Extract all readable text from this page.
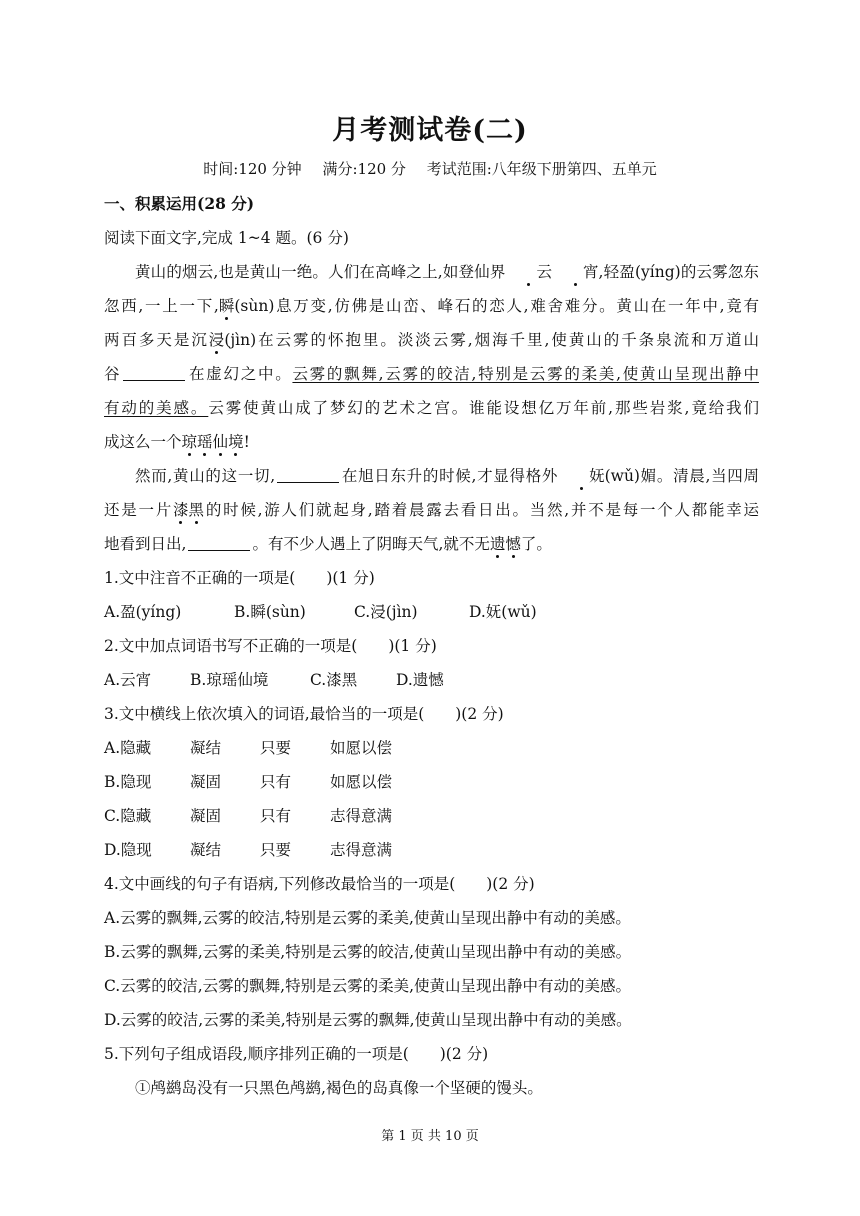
月考测试卷(二)
时间:120 分钟 满分:120 分 考试范围:八年级下册第四、五单元
一、积累运用(28 分)
阅读下面文字,完成 1~4 题。(6 分)
黄山的烟云,也是黄山一绝。人们在高峰之上,如登仙界 云 宵,轻盈(yíng)的云雾忽东
忽西,一上一下,瞬(sùn)息万变,仿佛是山峦、峰石的恋人,难舍难分。黄山在一年中,竟有
两百多天是沉浸(jìn)在云雾的怀抱里。淡淡云雾,烟海千里,使黄山的千条泉流和万道山
谷	在虚幻之中。云雾的飘舞,云雾的皎洁,特别是云雾的柔美,使黄山呈现出静中
有动的美感。云雾使黄山成了梦幻的艺术之宫。谁能设想亿万年前,那些岩浆,竟给我们
成这么一个琼瑶仙境!
然而,黄山的这一切,	在旭日东升的时候,才显得格外 妩(wǔ)媚。清晨,当四周
还是一片漆黑的时候,游人们就起身,踏着晨露去看日出。当然,并不是每一个人都能幸运
地看到日出,	。有不少人遇上了阴晦天气,就不无遗憾了。
1.文中注音不正确的一项是(　　)(1 分)
A.盈(yíng)	B.瞬(sùn)	C.浸(jìn)	D.妩(wǔ)
2.文中加点词语书写不正确的一项是(　　)(1 分)
A.云宵	B.琼瑶仙境	C.漆黑	D.遗憾
3.文中横线上依次填入的词语,最恰当的一项是(　　)(2 分)
A.隐藏	凝结	只要	如愿以偿
B.隐现 凝固	只有	如愿以偿
C.隐藏	凝固	只有	志得意满
D.隐现 凝结	只要	志得意满
4.文中画线的句子有语病,下列修改最恰当的一项是(　　)(2 分)
A.云雾的飘舞,云雾的皎洁,特别是云雾的柔美,使黄山呈现出静中有动的美感。
B.云雾的飘舞,云雾的柔美,特别是云雾的皎洁,使黄山呈现出静中有动的美感。
C.云雾的皎洁,云雾的飘舞,特别是云雾的柔美,使黄山呈现出静中有动的美感。
D.云雾的皎洁,云雾的柔美,特别是云雾的飘舞,使黄山呈现出静中有动的美感。
5.下列句子组成语段,顺序排列正确的一项是(　　)(2 分)
①鸬鹚岛没有一只黑色鸬鹚,褐色的岛真像一个坚硬的馒头。
第 1 页 共 10 页
